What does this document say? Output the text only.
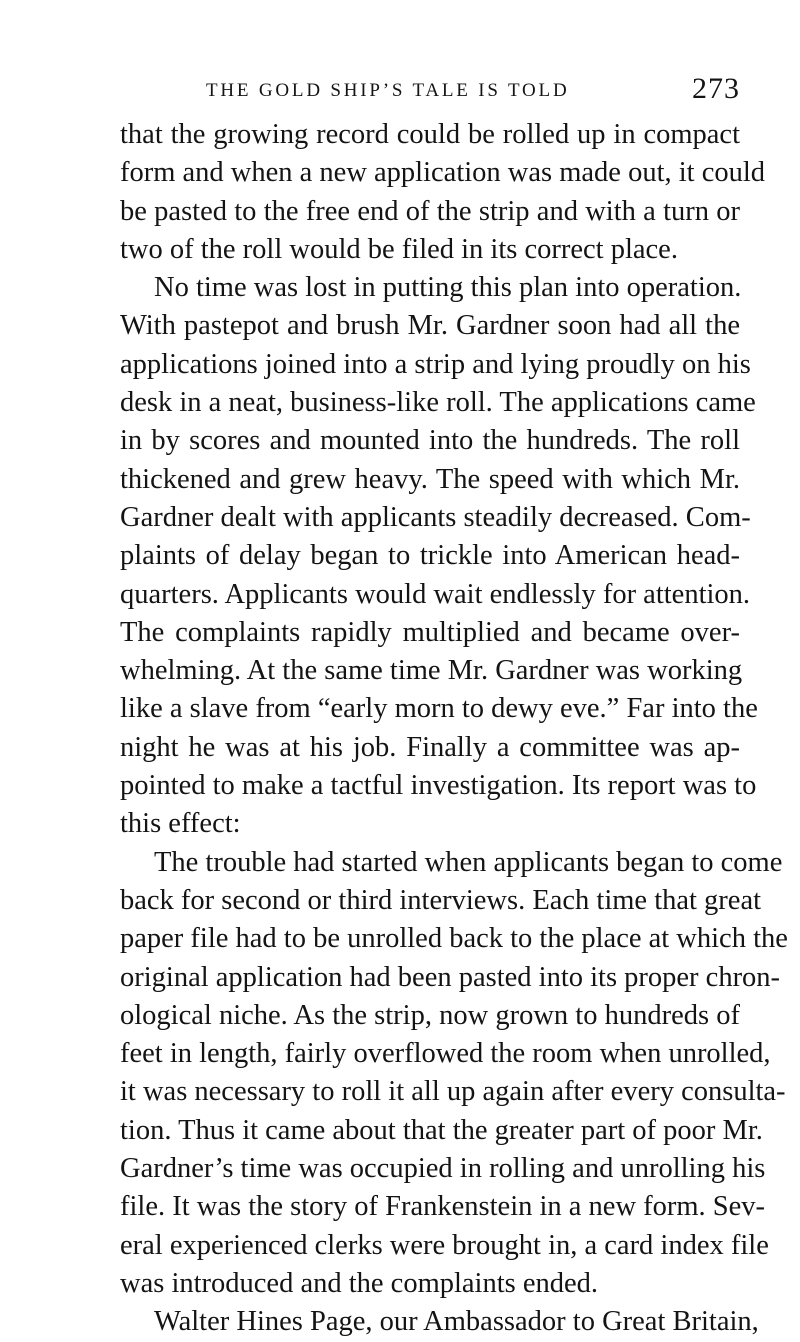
THE GOLD SHIP’S TALE IS TOLD	273
that the growing record could be rolled up in compact
form and when a new application was made out, it could
be pasted to the free end of the strip and with a turn or
two of the roll would be filed in its correct place.
No time was lost in putting this plan into operation.
With pastepot and brush Mr. Gardner soon had all the
applications joined into a strip and lying proudly on his
desk in a neat, business-like roll. The applications came
in by scores and mounted into the hundreds. The roll
thickened and grew heavy. The speed with which Mr.
Gardner dealt with applicants steadily decreased. Com-
plaints of delay began to trickle into American head-
quarters. Applicants would wait endlessly for attention.
The complaints rapidly multiplied and became over-
whelming. At the same time Mr. Gardner was working
like a slave from “early morn to dewy eve.” Far into the
night he was at his job. Finally a committee was ap-
pointed to make a tactful investigation. Its report was to
this effect:
The trouble had started when applicants began to come
back for second or third interviews. Each time that great
paper file had to be unrolled back to the place at which the
original application had been pasted into its proper chron-
ological niche. As the strip, now grown to hundreds of
feet in length, fairly overflowed the room when unrolled,
it was necessary to roll it all up again after every consulta-
tion. Thus it came about that the greater part of poor Mr.
Gardner’s time was occupied in rolling and unrolling his
file. It was the story of Frankenstein in a new form. Sev-
eral experienced clerks were brought in, a card index file
was introduced and the complaints ended.
Walter Hines Page, our Ambassador to Great Britain,
